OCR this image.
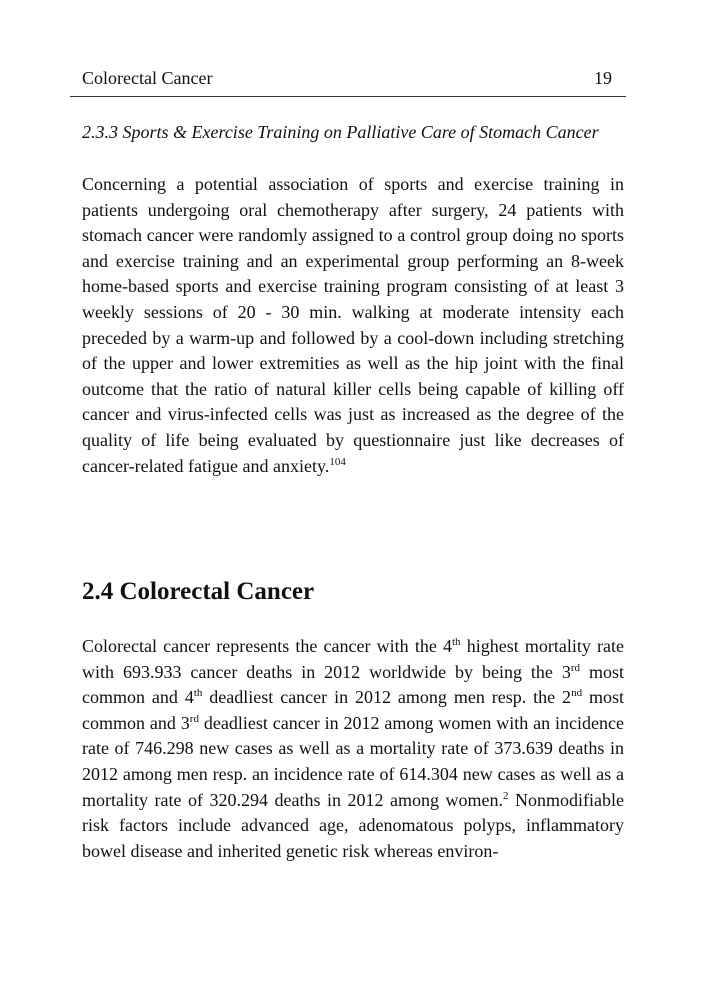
Colorectal Cancer	19
2.3.3 Sports & Exercise Training on Palliative Care of Stomach Cancer

Concerning a potential association of sports and exercise training in patients undergoing oral chemotherapy after surgery, 24 patients with stomach cancer were randomly assigned to a control group doing no sports and exercise training and an experimental group performing an 8-week home-based sports and exercise training program consisting of at least 3 weekly sessions of 20 - 30 min. walking at moderate intensity each preceded by a warm-up and followed by a cool-down including stretching of the upper and lower extremities as well as the hip joint with the final outcome that the ratio of natural killer cells being capable of killing off cancer and virus-infected cells was just as increased as the degree of the quality of life being evaluated by questionnaire just like decreases of cancer-related fatigue and anxiety.$^{104}$

2.4 Colorectal Cancer

Colorectal cancer represents the cancer with the 4th highest mortality rate with 693.933 cancer deaths in 2012 worldwide by being the 3rd most common and 4th deadliest cancer in 2012 among men resp. the 2nd most common and 3rd deadliest cancer in 2012 among women with an incidence rate of 746.298 new cases as well as a mortality rate of 373.639 deaths in 2012 among men resp. an incidence rate of 614.304 new cases as well as a mortality rate of 320.294 deaths in 2012 among women.$^2$ Nonmodifiable risk factors include advanced age, adenomatous polyps, inflammatory bowel disease and inherited genetic risk whereas environ-
